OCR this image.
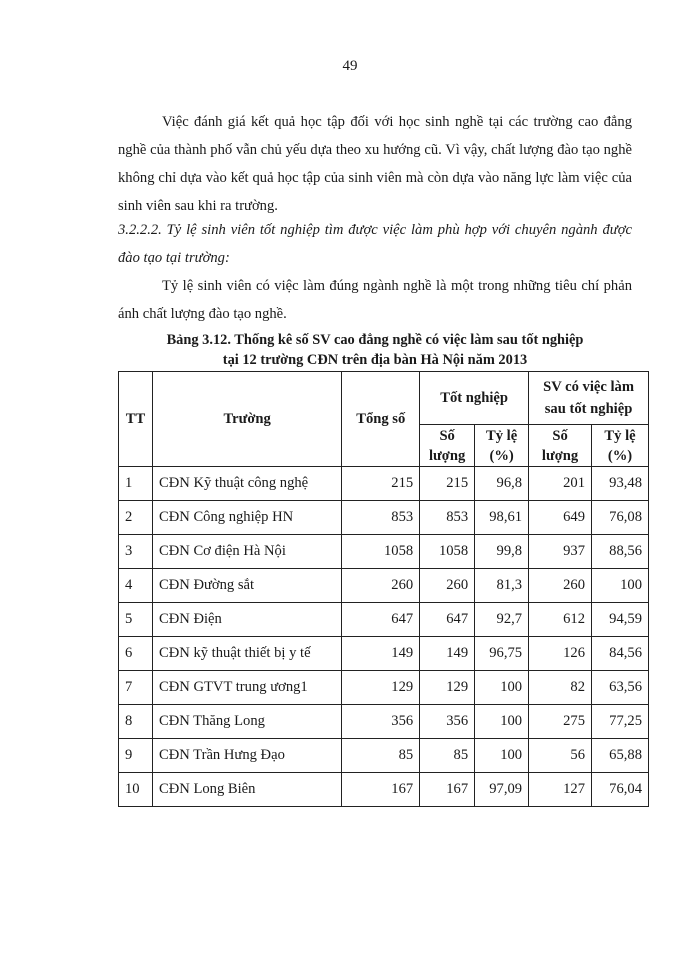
49
Việc đánh giá kết quả học tập đối với học sinh nghề tại các trường cao đẳng nghề của thành phố vẫn chủ yếu dựa theo xu hướng cũ. Vì vậy, chất lượng đào tạo nghề không chỉ dựa vào kết quả học tập của sinh viên mà còn dựa vào năng lực làm việc của sinh viên sau khi ra trường.
3.2.2.2. Tỷ lệ sinh viên tốt nghiệp tìm được việc làm phù hợp với chuyên ngành được đào tạo tại trường:
Tỷ lệ sinh viên có việc làm đúng ngành nghề là một trong những tiêu chí phản ánh chất lượng đào tạo nghề.
Bảng 3.12. Thống kê số SV cao đẳng nghề có việc làm sau tốt nghiệp
tại 12 trường CĐN trên địa bàn Hà Nội năm 2013
TT	Trường	Tổng số	Tốt nghiệp		SV có việc làm sau tốt nghiệp	
			Số lượng	Tỷ lệ (%)	Số lượng	Tỷ lệ (%)
1	CĐN Kỹ thuật công nghệ	215	215	96,8	201	93,48
2	CĐN Công nghiệp HN	853	853	98,61	649	76,08
3	CĐN Cơ điện Hà Nội	1058	1058	99,8	937	88,56
4	CĐN Đường sắt	260	260	81,3	260	100
5	CĐN Điện	647	647	92,7	612	94,59
6	CĐN kỹ thuật thiết bị y tế	149	149	96,75	126	84,56
7	CĐN GTVT trung ương1	129	129	100	82	63,56
8	CĐN Thăng Long	356	356	100	275	77,25
9	CĐN Trần Hưng Đạo	85	85	100	56	65,88
10	CĐN Long Biên	167	167	97,09	127	76,04
